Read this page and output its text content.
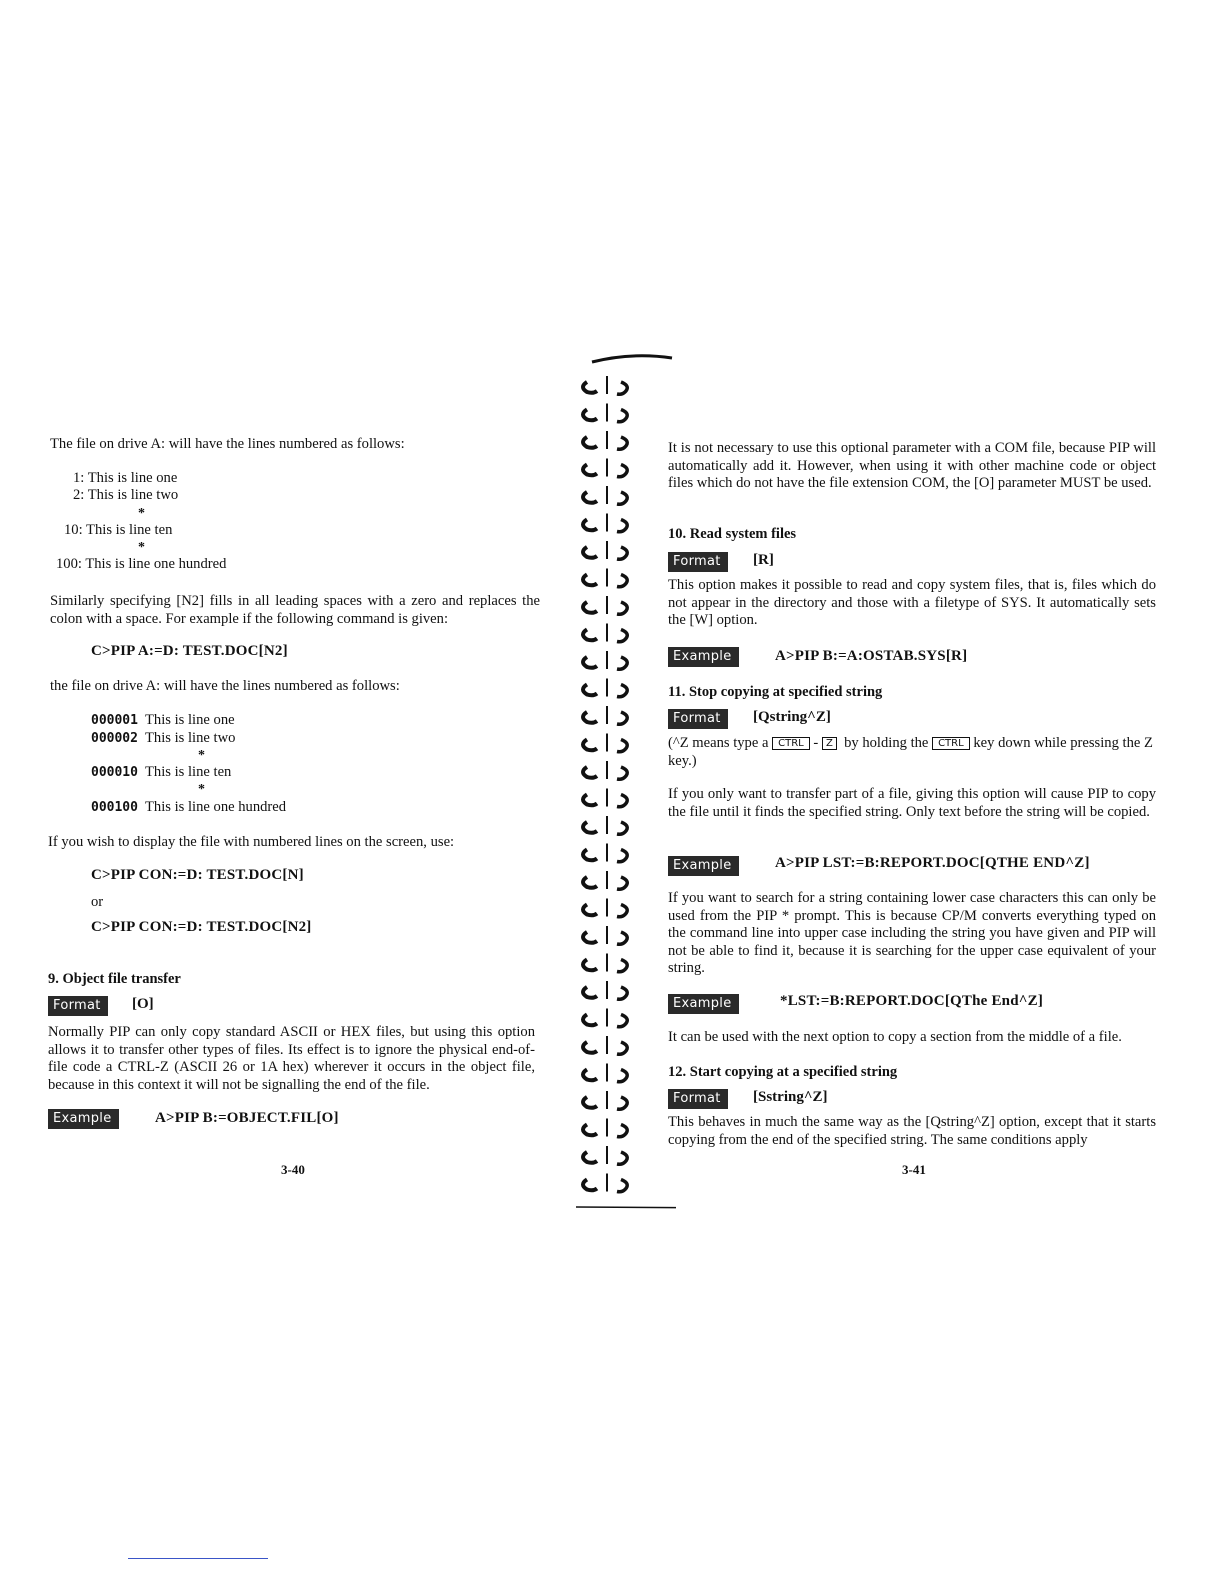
The file on drive A: will have the lines numbered as follows:

1: This is line one
2: This is line two
*
10: This is line ten
*
100: This is line one hundred

Similarly specifying [N2] fills in all leading spaces with a zero and replaces the colon with a space. For example if the following command is given:

C>PIP A:=D: TEST.DOC[N2]

the file on drive A: will have the lines numbered as follows:

000001 This is line one
000002 This is line two
*
000010 This is line ten
*
000100 This is line one hundred

If you wish to display the file with numbered lines on the screen, use:

C>PIP CON:=D: TEST.DOC[N]
or
C>PIP CON:=D: TEST.DOC[N2]
9. Object file transfer
Format	[O]

Normally PIP can only copy standard ASCII or HEX files, but using this option allows it to transfer other types of files. Its effect is to ignore the physical end-of-file code a CTRL-Z (ASCII 26 or 1A hex) wherever it occurs in the object file, because in this context it will not be signalling the end of the file.

Example	A>PIP B:=OBJECT.FIL[O]
3-40

It is not necessary to use this optional parameter with a COM file, because PIP will automatically add it. However, when using it with other machine code or object files which do not have the file extension COM, the [O] parameter MUST be used.

10. Read system files
Format	[R]

This option makes it possible to read and copy system files, that is, files which do not appear in the directory and those with a filetype of SYS. It automatically sets the [W] option.

Example	A>PIP B:=A:OSTAB.SYS[R]
11. Stop copying at specified string
Format	[Qstring^Z]

(^Z means type a CTRL - Z by holding the CTRL key down while pressing the Z key.)

If you only want to transfer part of a file, giving this option will cause PIP to copy the file until it finds the specified string. Only text before the string will be copied.

Example	A>PIP LST:=B:REPORT.DOC[QTHE END^Z]

If you want to search for a string containing lower case characters this can only be used from the PIP * prompt. This is because CP/M converts everything typed on the command line into upper case including the string you have given and PIP will not be able to find it, because it is searching for the upper case equivalent of your string.

Example	*LST:=B:REPORT.DOC[QThe End^Z]

It can be used with the next option to copy a section from the middle of a file.

12. Start copying at a specified string
Format	[Sstring^Z]

This behaves in much the same way as the [Qstring^Z] option, except that it starts copying from the end of the specified string. The same conditions apply

3-41
